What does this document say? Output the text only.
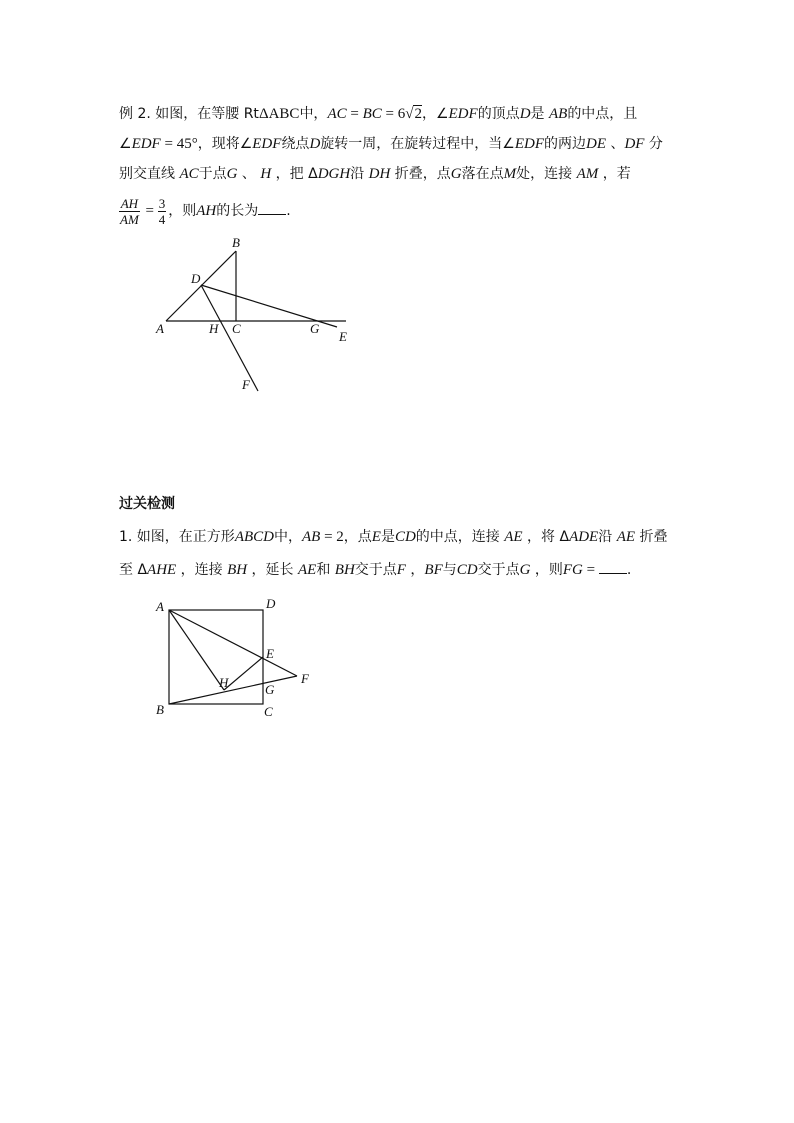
例 2. 如图，在等腰 RtΔABC中，AC = BC = 6√2，∠EDF的顶点D是 AB的中点，且
∠EDF = 45°，现将∠EDF绕点D旋转一周，在旋转过程中，当∠EDF的两边DE 、DF 分
别交直线 AC于点G 、 H ，把 ΔDGH沿 DH 折叠，点G落在点M处，连接 AM ，若
$\frac{AH}{AM} = \frac{3}{4}$ ，则AH的长为 .
B
D
A	H C	G
E
F
过关检测
1. 如图，在正方形ABCD中，AB = 2，点E是CD的中点，连接 AE ，将 ΔADE沿 AE 折叠
至 ΔAHE ，连接 BH ，延长 AE和 BH交于点F ，BF与CD交于点G ，则FG = .
A	D
E
F
H	G
B	C
